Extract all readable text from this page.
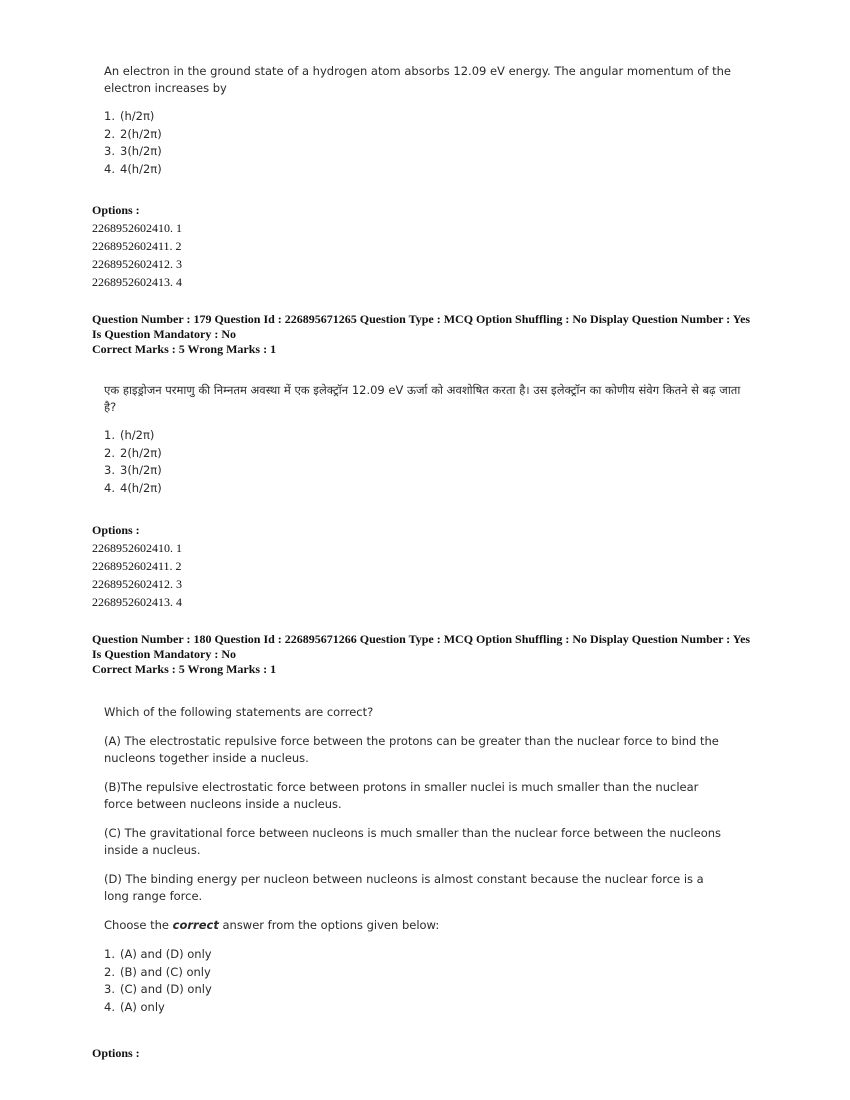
An electron in the ground state of a hydrogen atom absorbs 12.09 eV energy. The angular momentum of the electron increases by

1. (h/2π)
2. 2(h/2π)
3. 3(h/2π)
4. 4(h/2π)
Options :
2268952602410. 1
2268952602411. 2
2268952602412. 3
2268952602413. 4
Question Number : 179 Question Id : 226895671265 Question Type : MCQ Option Shuffling : No Display Question Number : Yes Is Question Mandatory : No
Correct Marks : 5 Wrong Marks : 1

एक हाइड्रोजन परमाणु की निम्नतम अवस्था में एक इलेक्ट्रॉन 12.09 eV ऊर्जा को अवशोषित करता है। उस इलेक्ट्रॉन का कोणीय संवेग कितने से बढ़ जाता है?

1. (h/2π)
2. 2(h/2π)
3. 3(h/2π)
4. 4(h/2π)
Options :
2268952602410. 1
2268952602411. 2
2268952602412. 3
2268952602413. 4
Question Number : 180 Question Id : 226895671266 Question Type : MCQ Option Shuffling : No Display Question Number : Yes Is Question Mandatory : No
Correct Marks : 5 Wrong Marks : 1

Which of the following statements are correct?

(A) The electrostatic repulsive force between the protons can be greater than the nuclear force to bind the nucleons together inside a nucleus.

(B)The repulsive electrostatic force between protons in smaller nuclei is much smaller than the nuclear force between nucleons inside a nucleus.

(C) The gravitational force between nucleons is much smaller than the nuclear force between the nucleons inside a nucleus.

(D) The binding energy per nucleon between nucleons is almost constant because the nuclear force is a long range force.

Choose the correct answer from the options given below:

1. (A) and (D) only
2. (B) and (C) only
3. (C) and (D) only
4. (A) only
Options :
